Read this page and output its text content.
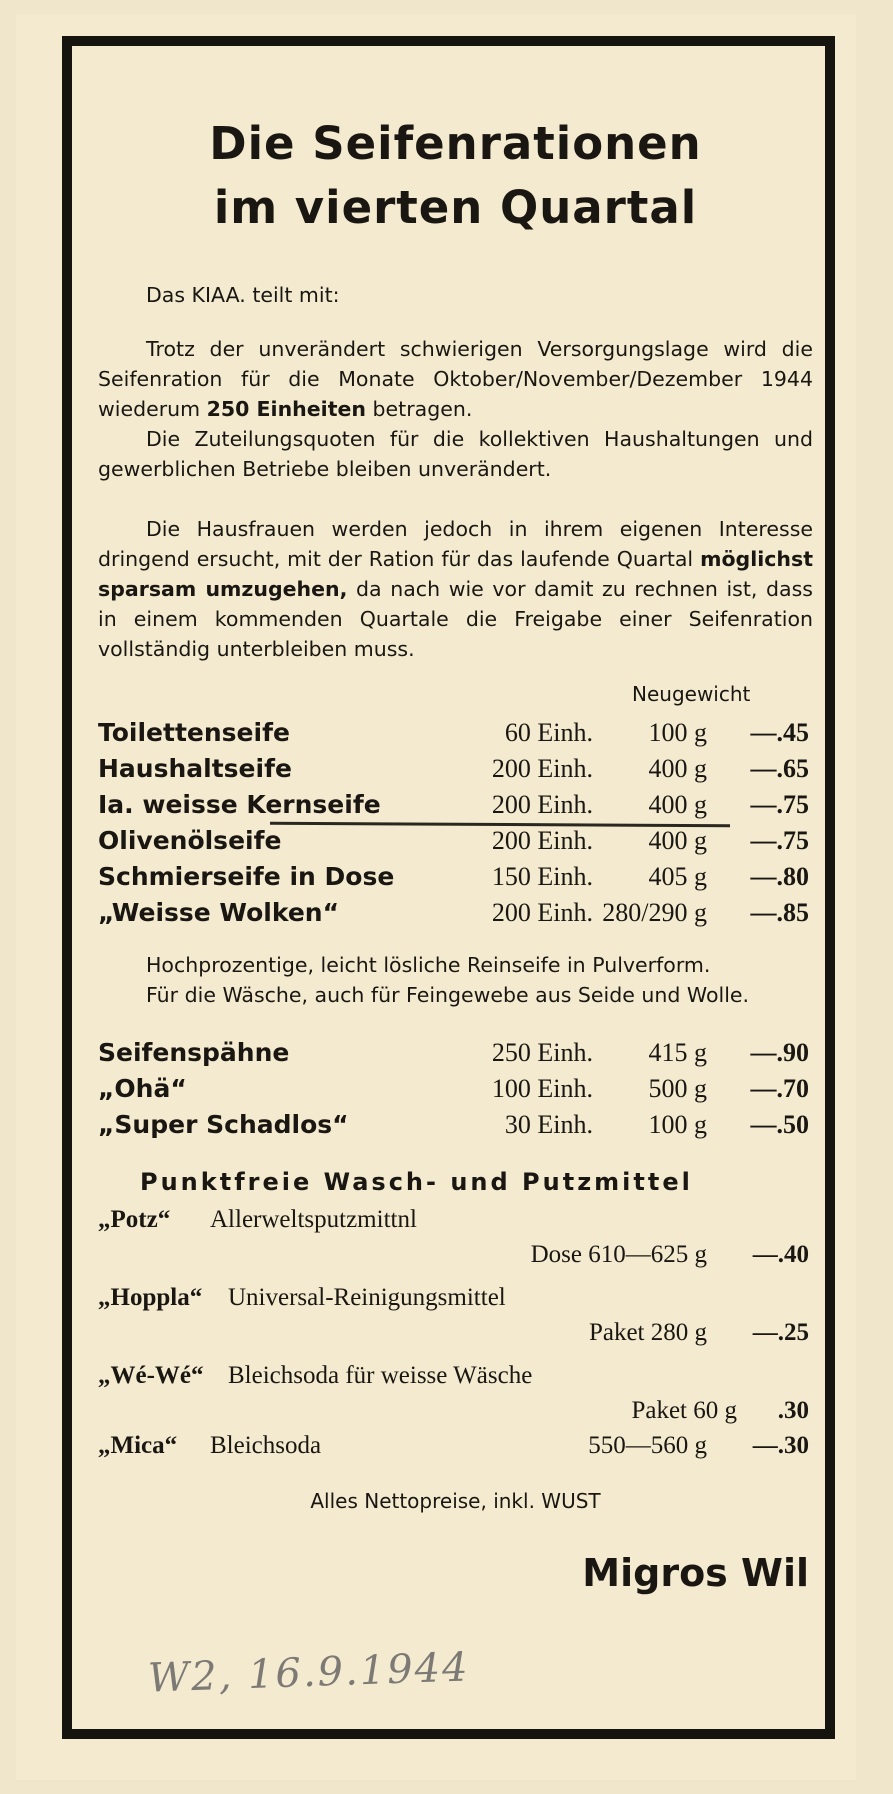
Die Seifenrationen
im vierten Quartal
Das KIAA. teilt mit:
Trotz der unverändert schwierigen Versorgungslage wird die Seifenration für die Monate Oktober/November/Dezember 1944 wiederum 250 Einheiten betragen.
Die Zuteilungsquoten für die kollektiven Haushaltungen und gewerblichen Betriebe bleiben unverändert.
Die Hausfrauen werden jedoch in ihrem eigenen Interesse dringend ersucht, mit der Ration für das laufende Quartal möglichst sparsam umzugehen, da nach wie vor damit zu rechnen ist, dass in einem kommenden Quartale die Freigabe einer Seifenration vollständig unterbleiben muss.
Neugewicht
Toilettenseife	60 Einh. 100 g —.45
Haushaltseife	200 Einh. 400 g —.65
Ia. weisse Kernseife	200 Einh. 400 g —.75
Olivenölseife	200 Einh. 400 g —.75
Schmierseife in Dose	150 Einh. 405 g —.80
„Weisse Wolken“	200 Einh. 280/290 g —.85
Hochprozentige, leicht lösliche Reinseife in Pulverform.
Für die Wäsche, auch für Feingewebe aus Seide und Wolle.
Seifenspähne	250 Einh. 415 g —.90
„Ohä“	100 Einh. 500 g —.70
„Super Schadlos“	30 Einh. 100 g —.50
Punktfreie Wasch- und Putzmittel
„Potz“ Allerweltsputzmittnl
Dose 610—625 g —.40
„Hoppla“ Universal-Reinigungsmittel
Paket 280 g —.25
„Wé-Wé“ Bleichsoda für weisse Wäsche
Paket 60 g .30
„Mica“ Bleichsoda	550—560 g —.30
Alles Nettopreise, inkl. WUST
Migros Wil
W2, 16.9.1944
